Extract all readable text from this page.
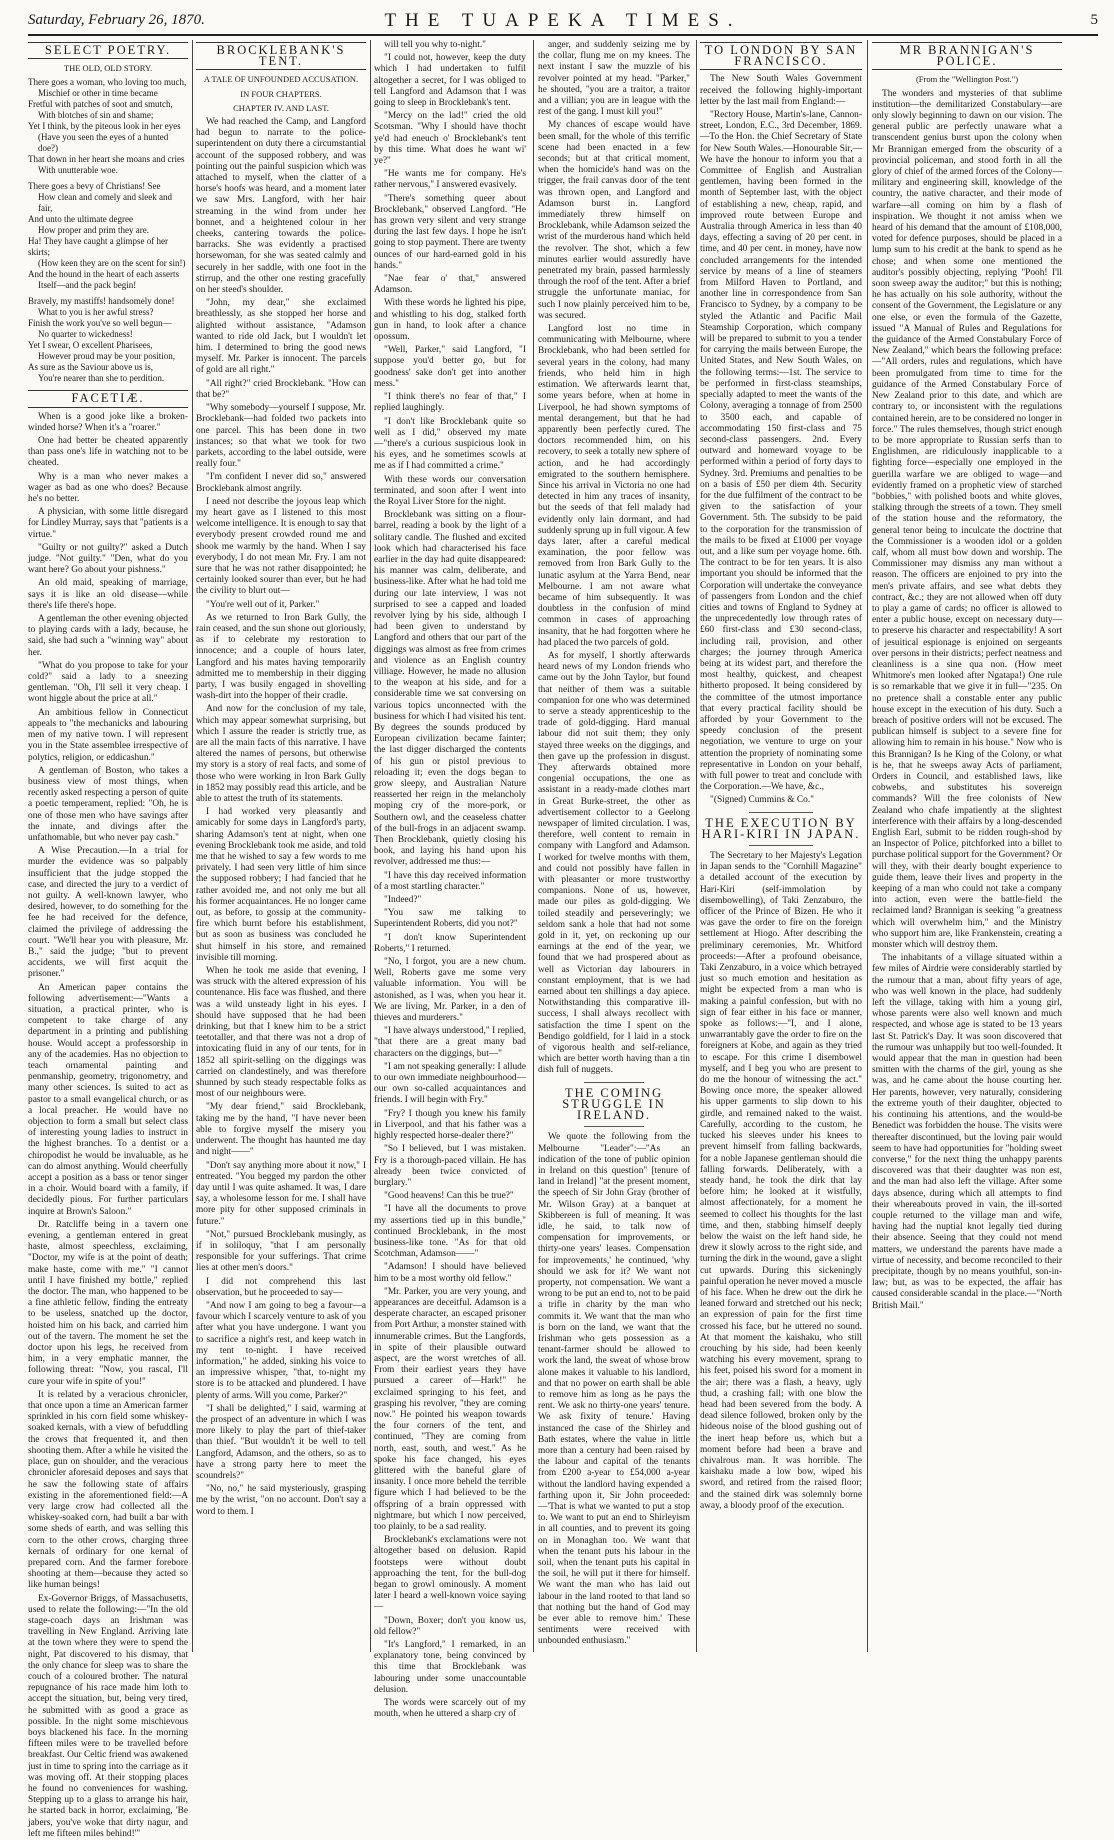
Saturday, February 26, 1870.	THE TUAPEKA TIMES.	5
SELECT POETRY.
THE OLD, OLD STORY.

There goes a woman, who loving too much,

Mischief or other in time became

Fretful with patches of soot and smutch,

With blotches of sin and shame;

Yet I think, by the piteous look in her eyes

(Have you seen the eyes of a hunted doe?)

That down in her heart she moans and cries

With unutterable woe.

There goes a bevy of Christians! See

How clean and comely and sleek and fair,

And unto the ultimate degree

How proper and prim they are.

Ha! They have caught a glimpse of her skirts;

(How keen they are on the scent for sin!)

And the hound in the heart of each asserts

Itself—and the pack begin!

Bravely, my mastiffs! handsomely done!

What to you is her awful stress?

Finish the work you've so well begun—

No quarter to wickedness!

Yet I swear, O excellent Pharisees,

However proud may be your position,

As sure as the Saviour above us is,

You're nearer than she to perdition.

FACETIÆ.

When is a good joke like a broken-winded horse? When it's a "roarer."

One had better be cheated apparently than pass one's life in watching not to be cheated.

Why is a man who never makes a wager as bad as one who does? Because he's no better.

A physician, with some little disregard for Lindley Murray, says that "patients is a virtue."

"Guilty or not guilty?" asked a Dutch judge. "Not guilty." "Den, what do you want here? Go about your pishness."

An old maid, speaking of marriage, says it is like an old disease—while there's life there's hope.

A gentleman the other evening objected to playing cards with a lady, because, he said, she had such a "winning way" about her.

"What do you propose to take for your cold?" said a lady to a sneezing gentleman. "Oh, I'll sell it very cheap. I wont higgle about the price at all."

An ambitious fellow in Connecticut appeals to "the mechanicks and labouring men of my native town. I will represent you in the State assemblee irrespective of polytics, religion, or eddicashun."

A gentleman of Boston, who takes a business view of most things, when recently asked respecting a person of quite a poetic temperament, replied: "Oh, he is one of those men who have savings after the innate, and divings after the unfathomable, but who never pay cash."

A Wise Precaution.—In a trial for murder the evidence was so palpably insufficient that the judge stopped the case, and directed the jury to a verdict of not guilty. A well-known lawyer, who desired, however, to do something for the fee he had received for the defence, claimed the privilege of addressing the court. "We'll hear you with pleasure, Mr. B.," said the judge; "but to prevent accidents, we will first acquit the prisoner."

An American paper contains the following advertisement:—"Wants a situation, a practical printer, who is competent to take charge of any department in a printing and publishing house. Would accept a professorship in any of the academies. Has no objection to teach ornamental painting and penmanship, geometry, trigonometry, and many other sciences. Is suited to act as pastor to a small evangelical church, or as a local preacher. He would have no objection to form a small but select class of interesting young ladies to instruct in the highest branches. To a dentist or a chiropodist he would be invaluable, as he can do almost anything. Would cheerfully accept a position as a bass or tenor singer in a choir. Would board with a family, if decidedly pious. For further particulars inquire at Brown's Saloon."

Dr. Ratcliffe being in a tavern one evening, a gentleman entered in great haste, almost speechless, exclaiming, "Doctor, my wife is at the point of death; make haste, come with me." "I cannot until I have finished my bottle," replied the doctor. The man, who happened to be a fine athletic fellow, finding the entreaty to be useless, snatched up the doctor, hoisted him on his back, and carried him out of the tavern. The moment he set the doctor upon his legs, he received from him, in a very emphatic manner, the following threat: "Now, you rascal, I'll cure your wife in spite of you!"

It is related by a veracious chronicler, that once upon a time an American farmer sprinkled in his corn field some whiskey-soaked kernals, with a view of befuddling the crows that frequented it, and then shooting them. After a while he visited the place, gun on shoulder, and the veracious chronicler aforesaid deposes and says that he saw the following state of affairs existing in the aforementioned field:—A very large crow had collected all the whiskey-soaked corn, had built a bar with some sheds of earth, and was selling this corn to the other crows, charging three kernals of ordinary for one kernal of prepared corn. And the farmer forebore shooting at them—because they acted so like human beings!

Ex-Governor Briggs, of Massachusetts, used to relate the following:—"In the old stage-coach days an Irishman was travelling in New England. Arriving late at the town where they were to spend the night, Pat discovered to his dismay, that the only chance for sleep was to share the couch of a coloured brother. The natural repugnance of his race made him loth to accept the situation, but, being very tired, he submitted with as good a grace as possible. In the night some mischievous boys blackened his face. In the morning fifteen miles were to be travelled before breakfast. Our Celtic friend was awakened just in time to spring into the carriage as it was moving off. At their stopping places he found no conveniences for washing. Stepping up to a glass to arrange his hair, he started back in horror, exclaiming, 'Be jabers, you've woke that dirty nagur, and left me fifteen miles behind!'"

BROCKLEBANK'S TENT.
A TALE OF UNFOUNDED ACCUSATION.
IN FOUR CHAPTERS.
CHAPTER IV. AND LAST.

We had reached the Camp, and Langford had begun to narrate to the police-superintendent on duty there a circumstantial account of the supposed robbery, and was pointing out the painful suspicion which was attached to myself, when the clatter of a horse's hoofs was heard, and a moment later we saw Mrs. Langford, with her hair streaming in the wind from under her bonnet, and a heightened colour in her cheeks, cantering towards the police-barracks. She was evidently a practised horsewoman, for she was seated calmly and securely in her saddle, with one foot in the stirrup, and the other one resting gracefully on her steed's shoulder.

"John, my dear," she exclaimed breathlessly, as she stopped her horse and alighted without assistance, "Adamson wanted to ride old Jack, but I wouldn't let him. I determined to bring the good news myself. Mr. Parker is innocent. The parcels of gold are all right."

"All right?" cried Brocklebank. "How can that be?"

"Why somebody—yourself I suppose, Mr. Brocklebank—had folded two packets into one parcel. This has been done in two instances; so that what we took for two parkets, according to the label outside, were really four."

"I'm confident I never did so," answered Brocklebank almost angrily.

I need not describe the joyous leap which my heart gave as I listened to this most welcome intelligence. It is enough to say that everybody present crowded round me and shook me warmly by the hand. When I say everybody, I do not mean Mr. Fry. I am not sure that he was not rather disappointed; he certainly looked sourer than ever, but he had the civility to blurt out—

"You're well out of it, Parker."

As we returned to Iron Bark Gully, the rain ceased, and the sun shone out gloriously, as if to celebrate my restoration to innocence; and a couple of hours later, Langford and his mates having temporarily admitted me to membership in their digging party, I was busily engaged in shovelling wash-dirt into the hopper of their cradle.

And now for the conclusion of my tale, which may appear somewhat surprising, but which I assure the reader is strictly true, as are all the main facts of this narrative. I have altered the names of persons, but otherwise my story is a story of real facts, and some of those who were working in Iron Bark Gully in 1852 may possibly read this article, and be able to attest the truth of its statements.

I had worked very pleasantly and amicably for some days in Langford's party, sharing Adamson's tent at night, when one evening Brocklebank took me aside, and told me that he wished to say a few words to me privately. I had seen very little of him since the supposed robbery; I had fancied that he rather avoided me, and not only me but all his former acquaintances. He no longer came out, as before, to gossip at the community-fire which burnt before his establishment, but as soon as business was concluded he shut himself in his store, and remained invisible till morning.

When he took me aside that evening, I was struck with the altered expression of his countenance. His face was flushed, and there was a wild unsteady light in his eyes. I should have supposed that he had been drinking, but that I knew him to be a strict teetotaller, and that there was not a drop of intoxicating fluid in any of our tents, for in 1852 all spirit-selling on the diggings was carried on clandestinely, and was therefore shunned by such steady respectable folks as most of our neighbours were.

"My dear friend," said Brocklebank, taking me by the hand, "I have never been able to forgive myself the misery you underwent. The thought has haunted me day and night——"

"Don't say anything more about it now," I entreated. "You begged my pardon the other day until I was quite ashamed. It was, I dare say, a wholesome lesson for me. I shall have more pity for other supposed criminals in future."

"Not," pursued Brocklebank musingly, as if in soliloquy, "that I am personally responsible for your sufferings. That crime lies at other men's doors."

I did not comprehend this last observation, but he proceeded to say—

"And now I am going to beg a favour—a favour which I scarcely venture to ask of you after what you have undergone. I want you to sacrifice a night's rest, and keep watch in my tent to-night. I have received information," he added, sinking his voice to an impressive whisper, "that, to-night my store is to be attacked and plundered. I have plenty of arms. Will you come, Parker?"

"I shall be delighted," I said, warming at the prospect of an adventure in which I was more likely to play the part of thief-taker than thief. "But wouldn't it be well to tell Langford, Adamson, and the others, so as to have a strong party here to meet the scoundrels?"

"No, no," he said mysteriously, grasping me by the wrist, "on no account. Don't say a word to them. I

will tell you why to-night."

"I could not, however, keep the duty which I had undertaken to fulfil altogether a secret, for I was obliged to tell Langford and Adamson that I was going to sleep in Brocklebank's tent.

"Mercy on the lad!" cried the old Scotsman. "Why I should have thocht ye'd had eneuch o' Brocklebank's tent by this time. What does he want wi' ye?"

"He wants me for company. He's rather nervous," I answered evasively.

"There's something queer about Brocklebank," observed Langford. "He has grown very silent and very strange during the last few days. I hope he isn't going to stop payment. There are twenty ounces of our hard-earned gold in his hands."

"Nae fear o' that," answered Adamson.

With these words he lighted his pipe, and whistling to his dog, stalked forth gun in hand, to look after a chance opossum.

"Well, Parker," said Langford, "I suppose you'd better go, but for goodness' sake don't get into another mess."

"I think there's no fear of that," I replied laughingly.

"I don't like Brocklebank quite so well as I did," observed my mate—"there's a curious suspicious look in his eyes, and he sometimes scowls at me as if I had committed a crime."

With these words our conversation terminated, and soon after I went into the Royal Liver Store for the night.

Brocklebank was sitting on a flour-barrel, reading a book by the light of a solitary candle. The flushed and excited look which had characterised his face earlier in the day had quite disappeared: his manner was calm, deliberate, and business-like. After what he had told me during our late interview, I was not surprised to see a capped and loaded revolver lying by his side, although I had been given to understand by Langford and others that our part of the diggings was almost as free from crimes and violence as an English country villiage. However, he made no allusion to the weapon at his side, and for a considerable time we sat conversing on various topics unconnected with the business for which I had visited his tent. By degrees the sounds produced by European civilization became fainter; the last digger discharged the contents of his gun or pistol previous to reloading it; even the dogs began to grow sleepy, and Australian Nature reasserted her reign in the melancholy moping cry of the more-pork, or Southern owl, and the ceaseless chatter of the bull-frogs in an adjacent swamp. Then Brocklebank, quietly closing his book, and laying his hand upon his revolver, addressed me thus:—

"I have this day received information of a most startling character."

"Indeed?"

"You saw me talking to Superintendent Roberts, did you not?"

"I don't know Superintendent Roberts," I returned.

"No, I forgot, you are a new chum. Well, Roberts gave me some very valuable information. You will be astonished, as I was, when you hear it. We are living, Mr. Parker, in a den of thieves and murderers."

"I have always understood," I replied, "that there are a great many bad characters on the diggings, but—"

"I am not speaking generally: I allude to our own immediate neighbourhood—our own so-called acquaintances and friends. I will begin with Fry."

"Fry? I though you knew his family in Liverpool, and that his father was a highly respected horse-dealer there?"

"So I believed, but I was mistaken. Fry is a thorough-paced villain. He has already been twice convicted of burglary."

"Good heavens! Can this be true?"

"I have all the documents to prove my assertions tied up in this bundle," continued Brocklebank, in the most business-like tone. "As for that old Scotchman, Adamson——"

"Adamson! I should have believed him to be a most worthy old fellow."

"Mr. Parker, you are very young, and appearances are deceitful. Adamson is a desperate character, an escaped prisoner from Port Arthur, a monster stained with innumerable crimes. But the Langfords, in spite of their plausible outward aspect, are the worst wretches of all. From their earliest years they have pursued a career of—Hark!" he exclaimed springing to his feet, and grasping his revolver, "they are coming now." He pointed his weapon towards the four corners of the tent, and continued, "They are coming from north, east, south, and west." As he spoke his face changed, his eyes glittered with the baneful glare of insanity. I once more beheld the terrible figure which I had believed to be the offspring of a brain oppressed with nightmare, but which I now perceived, too plainly, to be a sad reality.

Brocklebank's exclamations were not altogether based on delusion. Rapid footsteps were without doubt approaching the tent, for the bull-dog began to growl ominously. A moment later I heard a well-known voice saying—

"Down, Boxer; don't you know us, old fellow?"

"It's Langford," I remarked, in an explanatory tone, being convinced by this time that Brocklebank was labouring under some unaccountable delusion.

The words were scarcely out of my mouth, when he uttered a sharp cry of

anger, and suddenly seizing me by the collar, flung me on my knees. The next instant I saw the muzzle of his revolver pointed at my head. "Parker," he shouted, "you are a traitor, a traitor and a villian; you are in league with the rest of the gang. I must kill you!"

My chances of escape would have been small, for the whole of this terrific scene had been enacted in a few seconds; but at that critical moment, when the homicide's hand was on the trigger, the frail canvas door of the tent was thrown open, and Langford and Adamson burst in. Langford immediately threw himself on Brocklebank, while Adamson seized the wrist of the murderous hand which held the revolver. The shot, which a few minutes earlier would assuredly have penetrated my brain, passed harmlessly through the roof of the tent. After a brief struggle the unfortunate maniac, for such I now plainly perceived him to be, was secured.

Langford lost no time in communicating with Melbourne, where Brocklebank, who had been settled for several years in the colony, had many friends, who held him in high estimation. We afterwards learnt that, some years before, when at home in Liverpool, he had shown symptoms of mental derangement, but that he had apparently been perfectly cured. The doctors recommended him, on his recovery, to seek a totally new sphere of action, and he had accordingly emigrated to the southern hemisphere. Since his arrival in Victoria no one had detected in him any traces of insanity, but the seeds of that fell malady had evidently only lain dormant, and had suddenly sprung up in full vigour. A few days later, after a careful medical examination, the poor fellow was removed from Iron Bark Gully to the lunatic asylum at the Yarra Bend, near Melbourne. I am not aware what became of him subsequently. It was doubtless in the confusion of mind common in cases of approaching insanity, that he had forgotten where he had placed the two parcels of gold.

As for myself, I shortly afterwards heard news of my London friends who came out by the John Taylor, but found that neither of them was a suitable companion for one who was determined to serve a steady apprenticeship to the trade of gold-digging. Hard manual labour did not suit them; they only stayed three weeks on the diggings, and then gave up the profession in disgust. They afterwards obtained more congenial occupations, the one as assistant in a ready-made clothes mart in Great Burke-street, the other as advertisement collector to a Geelong newspaper of limited circulation. I was, therefore, well content to remain in company with Langford and Adamson. I worked for twelve months with them, and could not possibly have fallen in with pleasanter or more trustworthy companions. None of us, however, made our piles as gold-digging. We toiled steadily and perseveringly; we seldom sank a hole that had not some gold in it, yet, on reckoning up our earnings at the end of the year, we found that we had prospered about as well as Victorian day labourers in constant employment, that is we had earned about ten shillings a day apiece. Notwithstanding this comparative ill-success, I shall always recollect with satisfaction the time I spent on the Bendigo goldfield, for I laid in a stock of vigorous health and self-reliance, which are better worth having than a tin dish full of nuggets.

THE COMING STRUGGLE IN IRELAND.

We quote the following from the Melbourne "Leader":—"As an indication of the tone of public opinion in Ireland on this question" [tenure of land in Ireland] "at the present moment, the speech of Sir John Gray (brother of Mr. Wilson Gray) at a banquet at Skibbereen is full of meaning. It was idle, he said, to talk now of compensation for improvements, or thirty-one years' leases. Compensation for improvements,' he continued, 'why should we ask for it? We want not property, not compensation. We want a wrong to be put an end to, not to be paid a trifle in charity by the man who commits it. We want that the man who is born on the land, we want that the Irishman who gets possession as a tenant-farmer should be allowed to work the land, the sweat of whose brow alone makes it valuable to his landlord, and that no power on earth shall be able to remove him as long as he pays the rent. We ask no thirty-one years' tenure. We ask fixity of tenure.' Having instanced the case of the Shirley and Bath estates, where the value in little more than a century had been raised by the labour and capital of the tenants from £200 a-year to £54,000 a-year without the landlord having expended a farthing upon it, Sir John proceeded:—'That is what we wanted to put a stop to. We want to put an end to Shirleyism in all counties, and to prevent its going on in Monaghan too. We want that when the tenant puts his labour in the soil, when the tenant puts his capital in the soil, he will put it there for himself. We want the man who has laid out labour in the land rooted to that land so that nothing but the hand of God may be ever able to remove him.' These sentiments were received with unbounded enthusiasm."

TO LONDON BY SAN FRANCISCO.

The New South Wales Government received the following highly-important letter by the last mail from England:—

"Rectory House, Martin's-lane, Cannon-street, London, E.C., 3rd December, 1869.—To the Hon. the Chief Secretary of State for New South Wales.—Honourable Sir,—We have the honour to inform you that a Committee of English and Australian gentlemen, having been formed in the month of September last, with the object of establishing a new, cheap, rapid, and improved route between Europe and Australia through America in less than 40 days, effecting a saving of 20 per cent. in time, and 40 per cent. in money, have now concluded arrangements for the intended service by means of a line of steamers from Milford Haven to Portland, and another line in correspondence from San Francisco to Sydney, by a company to be styled the Atlantic and Pacific Mail Steamship Corporation, which company will be prepared to submit to you a tender for carrying the mails between Europe, the United States, and New South Wales, on the following terms:—1st. The service to be performed in first-class steamships, specially adapted to meet the wants of the Colony, averaging a tonnage of from 2500 to 3500 each, and capable of accommodating 150 first-class and 75 second-class passengers. 2nd. Every outward and homeward voyage to be performed within a period of forty days to Sydney. 3rd. Premiums and penalties to be on a basis of £50 per diem 4th. Security for the due fulfilment of the contract to be given to the satisfaction of your Government. 5th. The subsidy to be paid to the corporation for the transmission of the mails to be fixed at £1000 per voyage out, and a like sum per voyage home. 6th. The contract to be for ten years. It is also important you should be informed that the Corporation will undertake the conveyance of passengers from London and the chief cities and towns of England to Sydney at the unprecedentedly low through rates of £60 first-class and £30 second-class, including rail, provision, and other charges; the journey through America being at its widest part, and therefore the most healthy, quickest, and cheapest hitherto proposed. It being considered by the committee of the utmost importance that every practical facility should be afforded by your Government to the speedy conclusion of the present negotiation, we venture to urge on your attention the propriety of nominating some representative in London on your behalf, with full power to treat and conclude with the Corporation.—We have, &c.,

"(Signed) Cummins & Co."

THE EXECUTION BY HARI-KIRI IN JAPAN.

The Secretary to her Majesty's Legation in Japan sends to the "Cornhill Magazine" a detailed account of the execution by Hari-Kiri (self-immolation by disembowelling), of Taki Zenzaburo, the officer of the Prince of Bizen. He who it was gave the order to fire on the foreign settlement at Hiogo. After describing the preliminary ceremonies, Mr. Whitford proceeds:—After a profound obeisance, Taki Zenzaburo, in a voice which betrayed just so much emotion and hesitation as might be expected from a man who is making a painful confession, but with no sign of fear either in his face or manner, spoke as follows:—"I, and I alone, unwarrantably gave the order to fire on the foreigners at Kobe, and again as they tried to escape. For this crime I disembowel myself, and I beg you who are present to do me the honour of witnessing the act." Bowing once more, the speaker allowed his upper garments to slip down to his girdle, and remained naked to the waist. Carefully, according to the custom, he tucked his sleeves under his knees to prevent himself from falling backwards, for a noble Japanese gentleman should die falling forwards. Deliberately, with a steady hand, he took the dirk that lay before him; he looked at it wistfully, almost affectionately, for a moment he seemed to collect his thoughts for the last time, and then, stabbing himself deeply below the waist on the left hand side, he drew it slowly across to the right side, and turning the dirk in the wound, gave a slight cut upwards. During this sickeningly painful operation he never moved a muscle of his face. When he drew out the dirk he leaned forward and stretched out his neck; an expression of pain for the first time crossed his face, but he uttered no sound. At that moment the kaishaku, who still crouching by his side, had been keenly watching his every movement, sprang to his feet, poised his sword for a moment in the air; there was a flash, a heavy, ugly thud, a crashing fall; with one blow the head had been severed from the body. A dead silence followed, broken only by the hideous noise of the blood gushing out of the inert heap before us, which but a moment before had been a brave and chivalrous man. It was horrible. The kaishaku made a low bow, wiped his sword, and retired from the raised floor; and the stained dirk was solemnly borne away, a bloody proof of the execution.

MR BRANNIGAN'S POLICE.
(From the "Wellington Post.")

The wonders and mysteries of that sublime institution—the demilitarized Constabulary—are only slowly beginning to dawn on our vision. The general public are perfectly unaware what a transcendent genius burst upon the colony when Mr Brannigan emerged from the obscurity of a provincial policeman, and stood forth in all the glory of chief of the armed forces of the Colony—military and engineering skill, knowledge of the country, the native character, and their mode of warfare—all coming on him by a flash of inspiration. We thought it not amiss when we heard of his demand that the amount of £108,000, voted for defence purposes, should be placed in a lump sum to his credit at the bank to spend as he chose; and when some one mentioned the auditor's possibly objecting, replying "Pooh! I'll soon sweep away the auditor;" but this is nothing; he has actually on his sole authority, without the consent of the Government, the Legislature or any one else, or even the formula of the Gazette, issued "A Manual of Rules and Regulations for the guidance of the Armed Constabulary Force of New Zealand," which bears the following preface:—"All orders, rules and regulations, which have been promulgated from time to time for the guidance of the Armed Constabulary Force of New Zealand prior to this date, and which are contrary to, or inconsistent with the regulations contained herein, are to be considered no longer in force." The rules themselves, though strict enough to be more appropriate to Russian serfs than to Englishmen, are ridiculously inapplicable to a fighting force—especially one employed in the guerilla warfare we are obliged to wage—and evidently framed on a prophetic view of starched "bobbies," with polished boots and white gloves, stalking through the streets of a town. They smell of the station house and the reformatory, the general tenor being to inculcate the doctrine that the Commissioner is a wooden idol or a golden calf, whom all must bow down and worship. The Commissioner may dismiss any man without a reason. The officers are enjoined to pry into the men's private affairs, and see what debts they contract, &c.; they are not allowed when off duty to play a game of cards; no officer is allowed to enter a public house, except on necessary duty—to preserve his character and respectability! A sort of jesuitical espionage is enjoined on sergeants over persons in their districts; perfect neatness and cleanliness is a sine qua non. (How meet Whitmore's men looked after Ngatapa!) One rule is so remarkable that we give it in full—"235. On no pretence shall a constable enter any public house except in the execution of his duty. Such a breach of positive orders will not be excused. The publican himself is subject to a severe fine for allowing him to remain in his house." Now who is this Brannigan? Is he King of the Colony, or what is he, that he sweeps away Acts of parliament, Orders in Council, and established laws, like cobwebs, and substitutes his sovereign commands? Will the free colonists of New Zealand who chafe impatiently at the slightest interference with their affairs by a long-descended English Earl, submit to be ridden rough-shod by an Inspector of Police, pitchforked into a billet to purchase political support for the Government? Or will they, with their dearly bought experience to guide them, leave their lives and property in the keeping of a man who could not take a company into action, even were the battle-field the reclaimed land? Brannigan is seeking "a greatness which will overwhelm him," and the Ministry who support him are, like Frankenstein, creating a monster which will destroy them.

The inhabitants of a village situated within a few miles of Airdrie were considerably startled by the rumour that a man, about fifty years of age, who was well known in the place, had suddenly left the village, taking with him a young girl, whose parents were also well known and much respected, and whose age is stated to be 13 years last St. Patrick's Day. It was soon discovered that the rumour was unhappily but too well-founded. It would appear that the man in question had been smitten with the charms of the girl, young as she was, and he came about the house courting her. Her parents, however, very naturally, considering the extreme youth of their daughter, objected to his continuing his attentions, and the would-be Benedict was forbidden the house. The visits were thereafter discontinued, but the loving pair would seem to have had opportunities for "holding sweet converse," for the next thing the unhappy parents discovered was that their daughter was non est, and the man had also left the village. After some days absence, during which all attempts to find their whereabouts proved in vain, the ill-sorted couple returned to the village man and wife, having had the nuptial knot legally tied during their absence. Seeing that they could not mend matters, we understand the parents have made a virtue of necessity, and become reconciled to their precipitate, though by no means youthful, son-in-law; but, as was to be expected, the affair has caused considerable scandal in the place.—"North British Mail."
